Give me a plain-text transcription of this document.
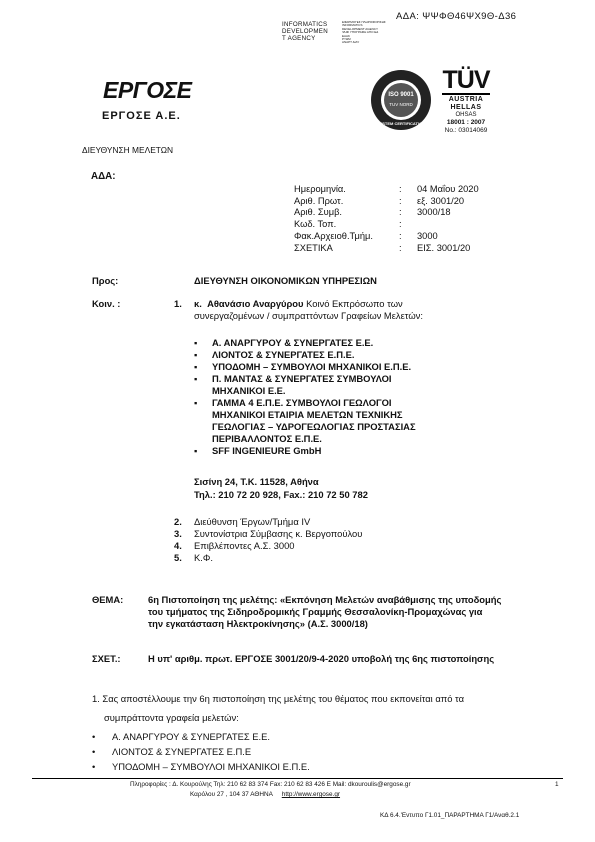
ΑΔΑ: ΨΨΦΘ46ΨΧ9Θ-Δ36
INFORMATICS
DEVELOPMEN
T AGENCY
ΕΦΑΡΜΟΓΕΣ ΠΛΗΡΟΦΟΡΙΚΗΣ
INFORMATICS
DEVELOPMENT AGENCY
ΨΗΦ ΥΠΟΓΡΑΦΗ ΑΠΟ ΕΔ
ΕΑΑΚ
ΡΥΘΜ
ΑΝΑΡΤ ΔΙΑΥ
ΕΡΓΟΣΕ
ΕΡΓΟΣΕ Α.Ε.
ISO 9001
TUV NORD
SYSTEM CERTIFICATION
TÜV
AUSTRIA
HELLAS
OHSAS
18001 : 2007
No.: 03014069
ΔΙΕΥΘΥΝΣΗ ΜΕΛΕΤΩΝ
ΑΔΑ:
Ημερομηνία.	:	04 Μαΐου 2020
Αριθ. Πρωτ.	:	εξ. 3001/20
Αριθ. Συμβ.	:	3000/18
Κωδ. Τοπ.	:
Φακ.Αρχειοθ.Τμήμ.	:	3000
ΣΧΕΤΙΚΑ	:	ΕΙΣ. 3001/20
Προς:	ΔΙΕΥΘΥΝΣΗ ΟΙΚΟΝΟΜΙΚΩΝ ΥΠΗΡΕΣΙΩΝ
Κοιν. :	1. κ. Αθανάσιο Αναργύρου Κοινό Εκπρόσωπο των
συνεργαζομένων / συμπραττόντων Γραφείων Μελετών:
▪ Α. ΑΝΑΡΓΥΡΟΥ & ΣΥΝΕΡΓΑΤΕΣ Ε.Ε.
▪ ΛΙΟΝΤΟΣ & ΣΥΝΕΡΓΑΤΕΣ Ε.Π.Ε.
▪ ΥΠΟΔΟΜΗ – ΣΥΜΒΟΥΛΟΙ ΜΗΧΑΝΙΚΟΙ Ε.Π.Ε.
▪ Π. ΜΑΝΤΑΣ & ΣΥΝΕΡΓΑΤΕΣ ΣΥΜΒΟΥΛΟΙ
ΜΗΧΑΝΙΚΟΙ Ε.Ε.
▪ ΓΑΜΜΑ 4 Ε.Π.Ε. ΣΥΜΒΟΥΛΟΙ ΓΕΩΛΟΓΟΙ
ΜΗΧΑΝΙΚΟΙ ΕΤΑΙΡΙΑ ΜΕΛΕΤΩΝ ΤΕΧΝΙΚΗΣ
ΓΕΩΛΟΓΙΑΣ – ΥΔΡΟΓΕΩΛΟΓΙΑΣ ΠΡΟΣΤΑΣΙΑΣ
ΠΕΡΙΒΑΛΛΟΝΤΟΣ Ε.Π.Ε.
▪ SFF INGENIEURE GmbH
Σισίνη 24, Τ.Κ. 11528, Αθήνα
Τηλ.: 210 72 20 928, Fax.: 210 72 50 782
2.	Διεύθυνση Έργων/Τμήμα IV
3.	Συντονίστρια Σύμβασης κ. Βεργοπούλου
4.	Επιβλέποντες Α.Σ. 3000
5.	Κ.Φ.
ΘΕΜΑ:	6η Πιστοποίηση της μελέτης: «Εκπόνηση Μελετών αναβάθμισης της υποδομής
του τμήματος της Σιδηροδρομικής Γραμμής Θεσσαλονίκη-Προμαχώνας για
την εγκατάσταση Ηλεκτροκίνησης» (Α.Σ. 3000/18)
ΣΧΕΤ.:	Η υπ' αριθμ. πρωτ. ΕΡΓΟΣΕ 3001/20/9-4-2020 υποβολή της 6ης πιστοποίησης
1. Σας αποστέλλουμε την 6η πιστοποίηση της μελέτης του θέματος που εκπονείται από τα
συμπράττοντα γραφεία μελετών:
• Α. ΑΝΑΡΓΥΡΟΥ & ΣΥΝΕΡΓΑΤΕΣ Ε.Ε.
• ΛΙΟΝΤΟΣ & ΣΥΝΕΡΓΑΤΕΣ Ε.Π.Ε
• ΥΠΟΔΟΜΗ – ΣΥΜΒΟΥΛΟΙ ΜΗΧΑΝΙΚΟΙ Ε.Π.Ε.
Πληροφορίες : Δ. Κουρούλης Τηλ: 210 62 83 374 Fax: 210 62 83 426 E Mail: dkouroulis@ergose.gr	1
Καρόλου 27 , 104 37 ΑΘΗΝΑ http://www.ergose.gr
ΚΔ 6.4.'Εντυπο Γ1.01_ΠΑΡΑΡΤΗΜΑ Γ1/Αναθ.2.1
